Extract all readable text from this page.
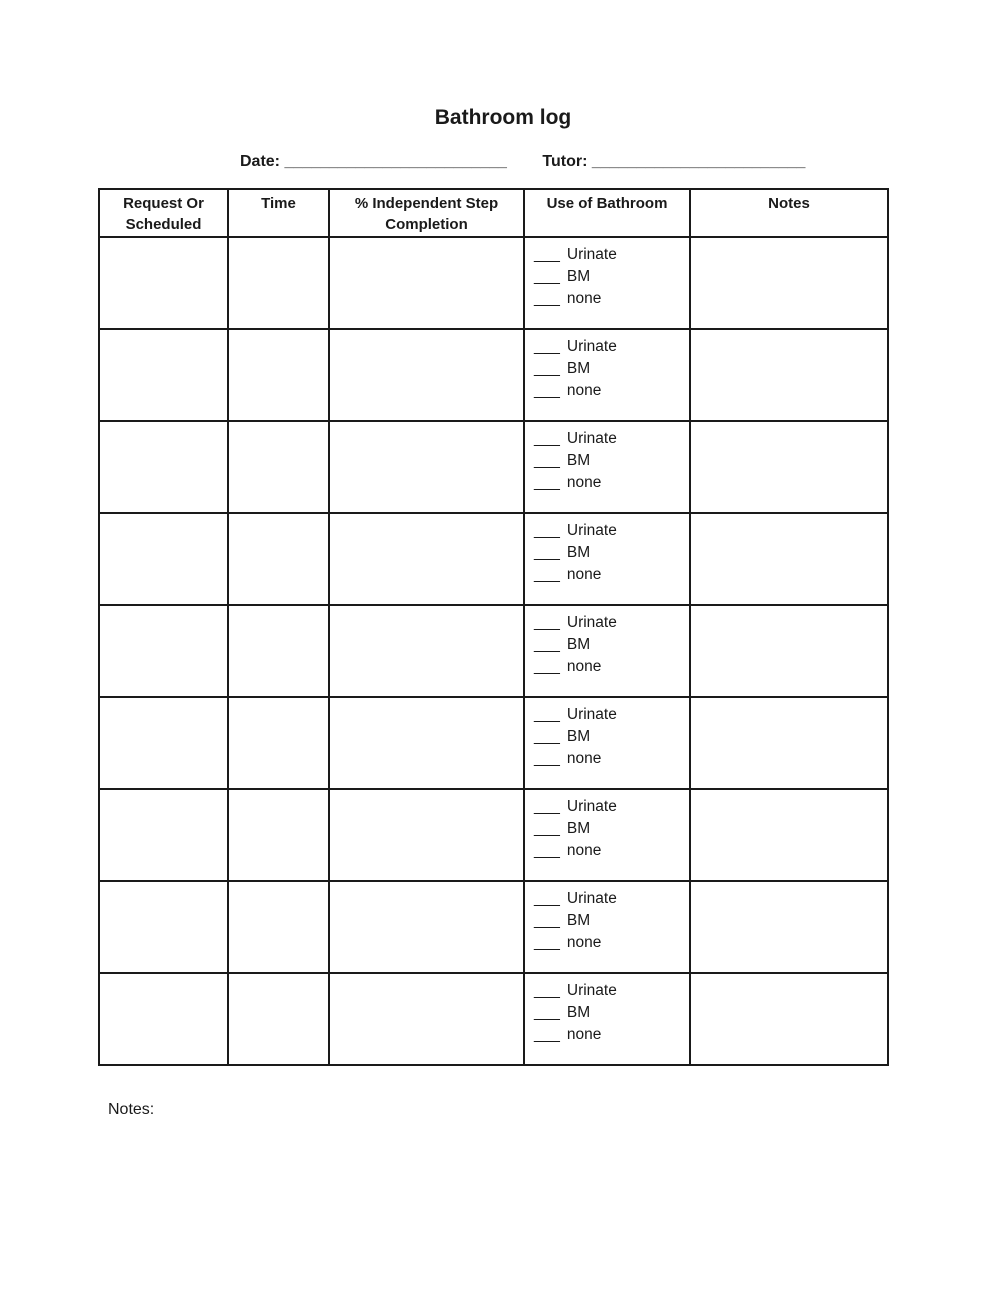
Bathroom log
Date: _________________________ Tutor: ________________________
Request Or Scheduled	Time	% Independent Step Completion	Use of Bathroom	Notes

			___ Urinate
___ BM
___ none	

			___ Urinate
___ BM
___ none	

			___ Urinate
___ BM
___ none	

			___ Urinate
___ BM
___ none	

			___ Urinate
___ BM
___ none	

			___ Urinate
___ BM
___ none	

			___ Urinate
___ BM
___ none	

			___ Urinate
___ BM
___ none	

			___ Urinate
___ BM
___ none	

Notes:
